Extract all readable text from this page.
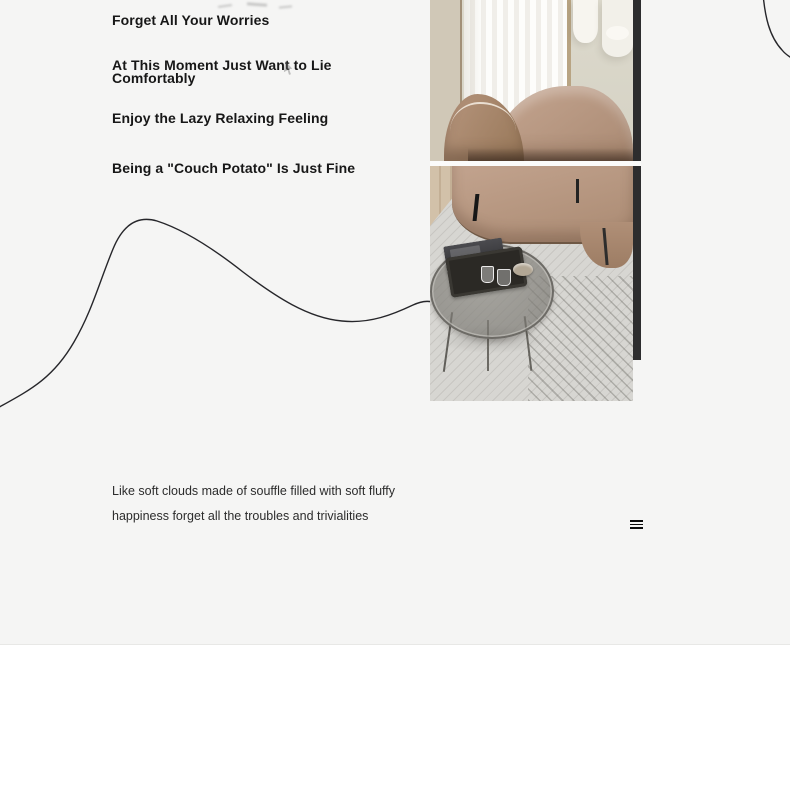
Forget All Your Worries
At This Moment Just Want to Lie Comfortably
Enjoy the Lazy Relaxing Feeling
Being a "Couch Potato" Is Just Fine

Like soft clouds made of souffle filled with soft fluffy happiness forget all the troubles and trivialities
